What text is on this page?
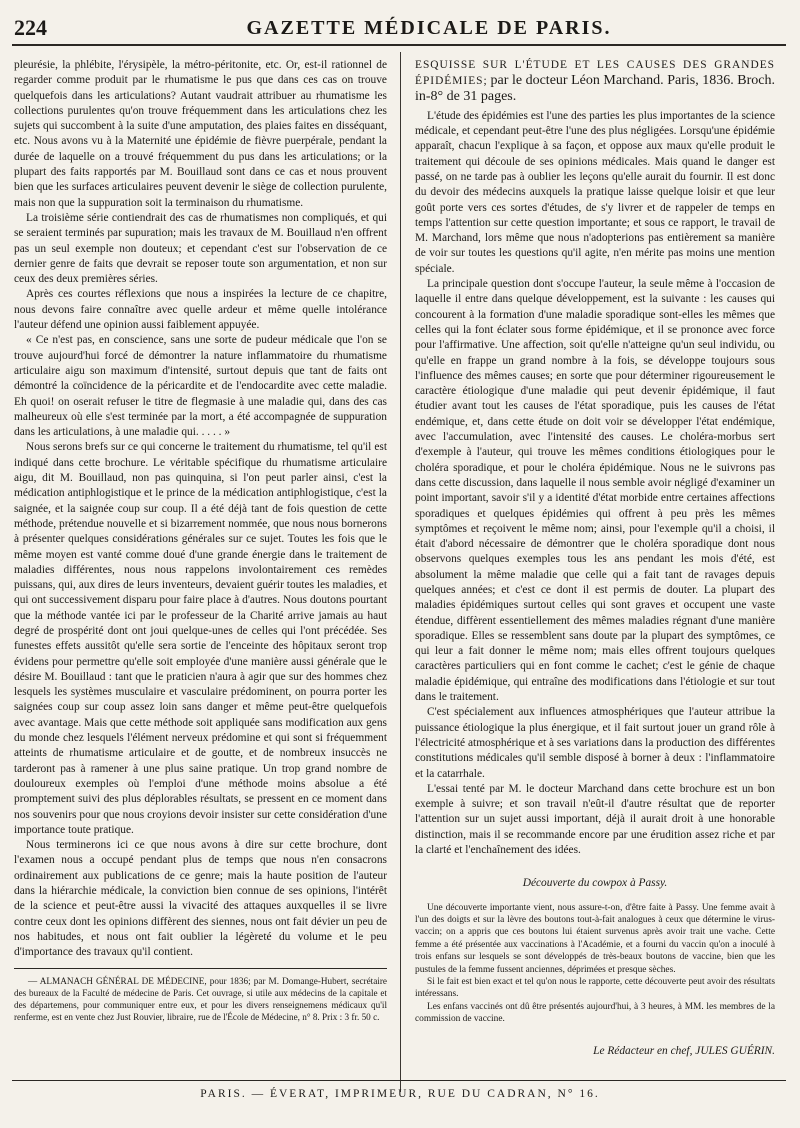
224	GAZETTE MÉDICALE DE PARIS.

pleurésie, la phlébite, l'érysipèle, la métro-péritonite, etc. Or, est-il rationnel de regarder comme produit par le rhumatisme le pus que dans ces cas on trouve quelquefois dans les articulations? Autant vaudrait attribuer au rhumatisme les collections purulentes qu'on trouve fréquemment dans les articulations chez les sujets qui succombent à la suite d'une amputation, des plaies faites en disséquant, etc. Nous avons vu à la Maternité une épidémie de fièvre puerpérale, pendant la durée de laquelle on a trouvé fréquemment du pus dans les articulations; or la plupart des faits rapportés par M. Bouillaud sont dans ce cas et nous prouvent bien que les surfaces articulaires peuvent devenir le siège de collection purulente, mais non que la suppuration soit la terminaison du rhumatisme.

La troisième série contiendrait des cas de rhumatismes non compliqués, et qui se seraient terminés par supuration; mais les travaux de M. Bouillaud n'en offrent pas un seul exemple non douteux; et cependant c'est sur l'observation de ce dernier genre de faits que devrait se reposer toute son argumentation, et non sur ceux des deux premières séries.

Après ces courtes réflexions que nous a inspirées la lecture de ce chapitre, nous devons faire connaître avec quelle ardeur et même quelle intolérance l'auteur défend une opinion aussi faiblement appuyée.

« Ce n'est pas, en conscience, sans une sorte de pudeur médicale que l'on se trouve aujourd'hui forcé de démontrer la nature inflammatoire du rhumatisme articulaire aigu son maximum d'intensité, surtout depuis que tant de faits ont démontré la coïncidence de la péricardite et de l'endocardite avec cette maladie. Eh quoi! on oserait refuser le titre de flegmasie à une maladie qui, dans des cas malheureux où elle s'est terminée par la mort, a été accompagnée de suppuration dans les articulations, à une maladie qui. . . . . »

Nous serons brefs sur ce qui concerne le traitement du rhumatisme, tel qu'il est indiqué dans cette brochure. Le véritable spécifique du rhumatisme articulaire aigu, dit M. Bouillaud, non pas quinquina, si l'on peut parler ainsi, c'est la médication antiphlogistique et le prince de la médication antiphlogistique, c'est la saignée, et la saignée coup sur coup. Il a été déjà tant de fois question de cette méthode, prétendue nouvelle et si bizarrement nommée, que nous nous bornerons à présenter quelques considérations générales sur ce sujet. Toutes les fois que le même moyen est vanté comme doué d'une grande énergie dans le traitement de maladies différentes, nous nous rappelons involontairement ces remèdes puissans, qui, aux dires de leurs inventeurs, devaient guérir toutes les maladies, et qui ont successivement disparu pour faire place à d'autres. Nous doutons pourtant que la méthode vantée ici par le professeur de la Charité arrive jamais au haut degré de prospérité dont ont joui quelque-unes de celles qui l'ont précédée. Ses funestes effets aussitôt qu'elle sera sortie de l'enceinte des hôpitaux seront trop évidens pour permettre qu'elle soit employée d'une manière aussi générale que le désire M. Bouillaud : tant que le praticien n'aura à agir que sur des hommes chez lesquels les systèmes musculaire et vasculaire prédominent, on pourra porter les saignées coup sur coup assez loin sans danger et même peut-être quelquefois avec avantage. Mais que cette méthode soit appliquée sans modification aux gens du monde chez lesquels l'élément nerveux prédomine et qui sont si fréquemment atteints de rhumatisme articulaire et de goutte, et de nombreux insuccès ne tarderont pas à ramener à une plus saine pratique. Un trop grand nombre de douloureux exemples où l'emploi d'une méthode moins absolue a été promptement suivi des plus déplorables résultats, se pressent en ce moment dans nos souvenirs pour que nous croyions devoir insister sur cette considération d'une importance toute pratique.

Nous terminerons ici ce que nous avons à dire sur cette brochure, dont l'examen nous a occupé pendant plus de temps que nous n'en consacrons ordinairement aux publications de ce genre; mais la haute position de l'auteur dans la hiérarchie médicale, la conviction bien connue de ses opinions, l'intérêt de la science et peut-être aussi la vivacité des attaques auxquelles il se livre contre ceux dont les opinions diffèrent des siennes, nous ont fait dévier un peu de nos habitudes, et nous ont fait oublier la légèreté du volume et le peu d'importance des travaux qu'il contient.

— ALMANACH GÉNÉRAL DE MÉDECINE, pour 1836; par M. Domange-Hubert, secrétaire des bureaux de la Faculté de médecine de Paris. Cet ouvrage, si utile aux médecins de la capitale et des départemens, pour communiquer entre eux, et pour les divers renseignemens médicaux qu'il renferme, est en vente chez Just Rouvier, libraire, rue de l'École de Médecine, n° 8. Prix : 3 fr. 50 c.

ESQUISSE SUR L'ÉTUDE ET LES CAUSES DES GRANDES ÉPIDÉMIES; par le docteur Léon Marchand. Paris, 1836. Broch. in-8° de 31 pages.

L'étude des épidémies est l'une des parties les plus importantes de la science médicale, et cependant peut-être l'une des plus négligées. Lorsqu'une épidémie apparaît, chacun l'explique à sa façon, et oppose aux maux qu'elle produit le traitement qui découle de ses opinions médicales. Mais quand le danger est passé, on ne tarde pas à oublier les leçons qu'elle aurait du fournir. Il est donc du devoir des médecins auxquels la pratique laisse quelque loisir et que leur goût porte vers ces sortes d'études, de s'y livrer et de rappeler de temps en temps l'attention sur cette question importante; et sous ce rapport, le travail de M. Marchand, lors même que nous n'adopterions pas entièrement sa manière de voir sur toutes les questions qu'il agite, n'en mérite pas moins une mention spéciale.

La principale question dont s'occupe l'auteur, la seule même à l'occasion de laquelle il entre dans quelque développement, est la suivante : les causes qui concourent à la formation d'une maladie sporadique sont-elles les mêmes que celles qui la font éclater sous forme épidémique, et il se prononce avec force pour l'affirmative. Une affection, soit qu'elle n'atteigne qu'un seul individu, ou qu'elle en frappe un grand nombre à la fois, se développe toujours sous l'influence des mêmes causes; en sorte que pour déterminer rigoureusement le caractère étiologique d'une maladie qui peut devenir épidémique, il faut étudier avant tout les causes de l'état sporadique, puis les causes de l'état endémique, et, dans cette étude on doit voir se développer l'état endémique, avec l'accumulation, avec l'intensité des causes. Le choléra-morbus sert d'exemple à l'auteur, qui trouve les mêmes conditions étiologiques pour le choléra sporadique, et pour le choléra épidémique. Nous ne le suivrons pas dans cette discussion, dans laquelle il nous semble avoir négligé d'examiner un point important, savoir s'il y a identité d'état morbide entre certaines affections sporadiques et quelques épidémies qui offrent à peu près les mêmes symptômes et reçoivent le même nom; ainsi, pour l'exemple qu'il a choisi, il était d'abord nécessaire de démontrer que le choléra sporadique dont nous observons quelques exemples tous les ans pendant les mois d'été, est absolument la même maladie que celle qui a fait tant de ravages depuis quelques années; et c'est ce dont il est permis de douter. La plupart des maladies épidémiques surtout celles qui sont graves et occupent une vaste étendue, diffèrent essentiellement des mêmes maladies régnant d'une manière sporadique. Elles se ressemblent sans doute par la plupart des symptômes, ce qui leur a fait donner le même nom; mais elles offrent toujours quelques caractères particuliers qui en font comme le cachet; c'est le génie de chaque maladie épidémique, qui entraîne des modifications dans l'étiologie et sur tout dans le traitement.

C'est spécialement aux influences atmosphériques que l'auteur attribue la puissance étiologique la plus énergique, et il fait surtout jouer un grand rôle à l'électricité atmosphérique et à ses variations dans la production des différentes constitutions médicales qu'il semble disposé à borner à deux : l'inflammatoire et la catarrhale.

L'essai tenté par M. le docteur Marchand dans cette brochure est un bon exemple à suivre; et son travail n'eût-il d'autre résultat que de reporter l'attention sur un sujet aussi important, déjà il aurait droit à une honorable distinction, mais il se recommande encore par une érudition assez riche et par la clarté et l'enchaînement des idées.

Découverte du cowpox à Passy.

Une découverte importante vient, nous assure-t-on, d'être faite à Passy. Une femme avait à l'un des doigts et sur la lèvre des boutons tout-à-fait analogues à ceux que détermine le virus-vaccin; on a appris que ces boutons lui étaient survenus après avoir trait une vache. Cette femme a été présentée aux vaccinations à l'Académie, et a fourni du vaccin qu'on a inoculé à trois enfans sur lesquels se sont développés de très-beaux boutons de vaccine, bien que les pustules de la femme fussent anciennes, déprimées et presque sèches.

Si le fait est bien exact et tel qu'on nous le rapporte, cette découverte peut avoir des résultats intéressans.

Les enfans vaccinés ont dû être présentés aujourd'hui, à 3 heures, à MM. les membres de la commission de vaccine.

Le Rédacteur en chef, JULES GUÉRIN.
PARIS. — ÉVERAT, IMPRIMEUR, RUE DU CADRAN, N° 16.
